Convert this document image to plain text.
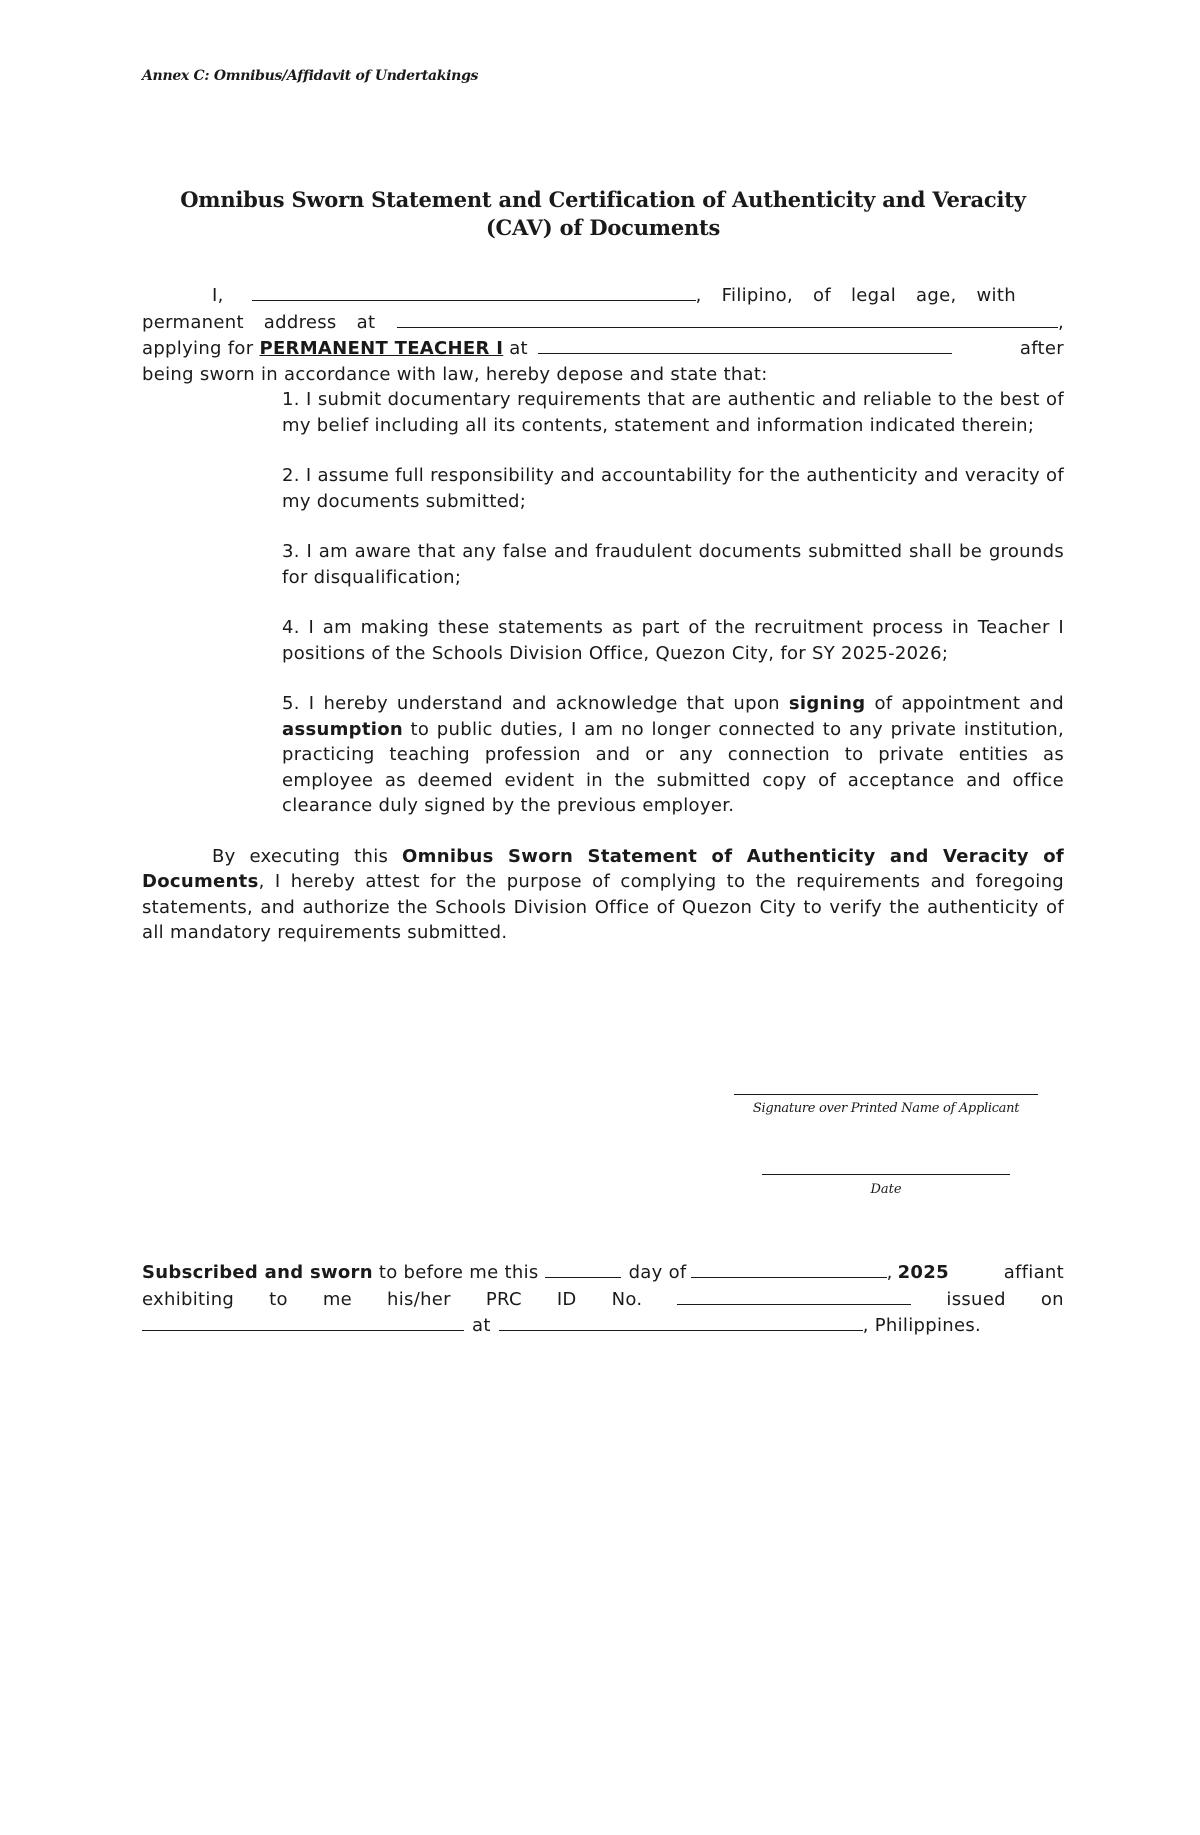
Annex C: Omnibus/Affidavit of Undertakings
Omnibus Sworn Statement and Certification of Authenticity and Veracity
(CAV) of Documents
I,	, Filipino, of legal age, with
permanent address at	,
applying for PERMANENT TEACHER I at	after
being sworn in accordance with law, hereby depose and state that:
1. I submit documentary requirements that are authentic and reliable to the best of my belief including all its contents, statement and information indicated therein;
2. I assume full responsibility and accountability for the authenticity and veracity of my documents submitted;
3. I am aware that any false and fraudulent documents submitted shall be grounds for disqualification;
4. I am making these statements as part of the recruitment process in Teacher I positions of the Schools Division Office, Quezon City, for SY 2025-2026;
5. I hereby understand and acknowledge that upon signing of appointment and assumption to public duties, I am no longer connected to any private institution, practicing teaching profession and or any connection to private entities as employee as deemed evident in the submitted copy of acceptance and office clearance duly signed by the previous employer.
By executing this Omnibus Sworn Statement of Authenticity and Veracity of Documents, I hereby attest for the purpose of complying to the requirements and foregoing statements, and authorize the Schools Division Office of Quezon City to verify the authenticity of all mandatory requirements submitted.
Signature over Printed Name of Applicant
Date
Subscribed and sworn to before me this	day of	, 2025	affiant
exhibiting to me his/her PRC ID No.	issued on
at	, Philippines.
